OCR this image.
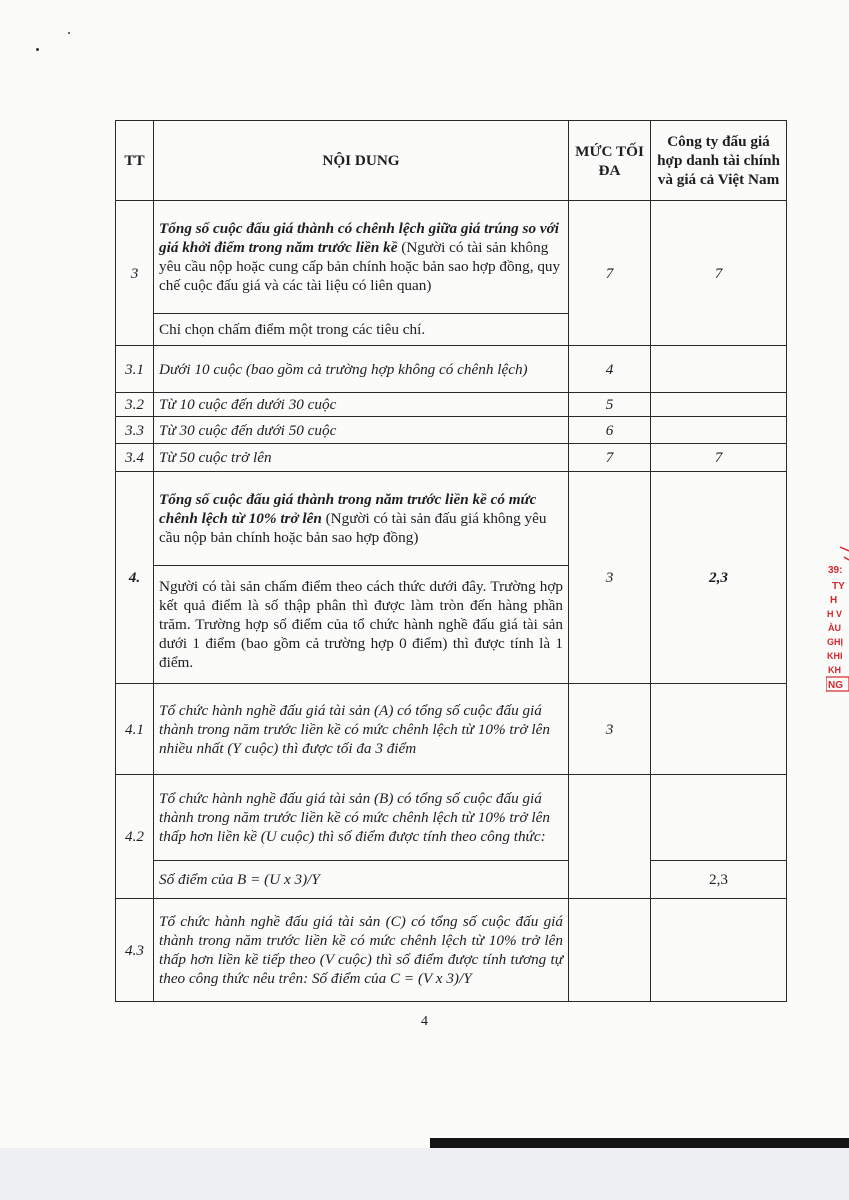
TT	NỘI DUNG	MỨC TỐI ĐA	Công ty đấu giá hợp danh tài chính và giá cả Việt Nam
3	Tổng số cuộc đấu giá thành có chênh lệch giữa giá trúng so với giá khởi điểm trong năm trước liền kề (Người có tài sản không yêu cầu nộp hoặc cung cấp bản chính hoặc bản sao hợp đồng, quy chế cuộc đấu giá và các tài liệu có liên quan)	7	7
	Chỉ chọn chấm điểm một trong các tiêu chí.		
3.1	Dưới 10 cuộc (bao gồm cả trường hợp không có chênh lệch)	4	
3.2	Từ 10 cuộc đến dưới 30 cuộc	5	
3.3	Từ 30 cuộc đến dưới 50 cuộc	6	
3.4	Từ 50 cuộc trở lên	7	7
4.	Tổng số cuộc đấu giá thành trong năm trước liền kề có mức chênh lệch từ 10% trở lên (Người có tài sản đấu giá không yêu cầu nộp bản chính hoặc bản sao hợp đồng)	3	2,3
	Người có tài sản chấm điểm theo cách thức dưới đây. Trường hợp kết quả điểm là số thập phân thì được làm tròn đến hàng phần trăm. Trường hợp số điểm của tổ chức hành nghề đấu giá tài sản dưới 1 điểm (bao gồm cả trường hợp 0 điểm) thì được tính là 1 điểm.		
4.1	Tổ chức hành nghề đấu giá tài sản (A) có tổng số cuộc đấu giá thành trong năm trước liền kề có mức chênh lệch từ 10% trở lên nhiều nhất (Y cuộc) thì được tối đa 3 điểm	3	
4.2	Tổ chức hành nghề đấu giá tài sản (B) có tổng số cuộc đấu giá thành trong năm trước liền kề có mức chênh lệch từ 10% trở lên thấp hơn liền kề (U cuộc) thì số điểm được tính theo công thức:		
	Số điểm của B = (U x 3)/Y		2,3
4.3	Tổ chức hành nghề đấu giá tài sản (C) có tổng số cuộc đấu giá thành trong năm trước liền kề có mức chênh lệch từ 10% trở lên thấp hơn liền kề tiếp theo (V cuộc) thì số điểm được tính tương tự theo công thức nêu trên: Số điểm của C = (V x 3)/Y		
4
39:
TY
H
H V
ÀU
GHỊ
KHI
KH
NG
